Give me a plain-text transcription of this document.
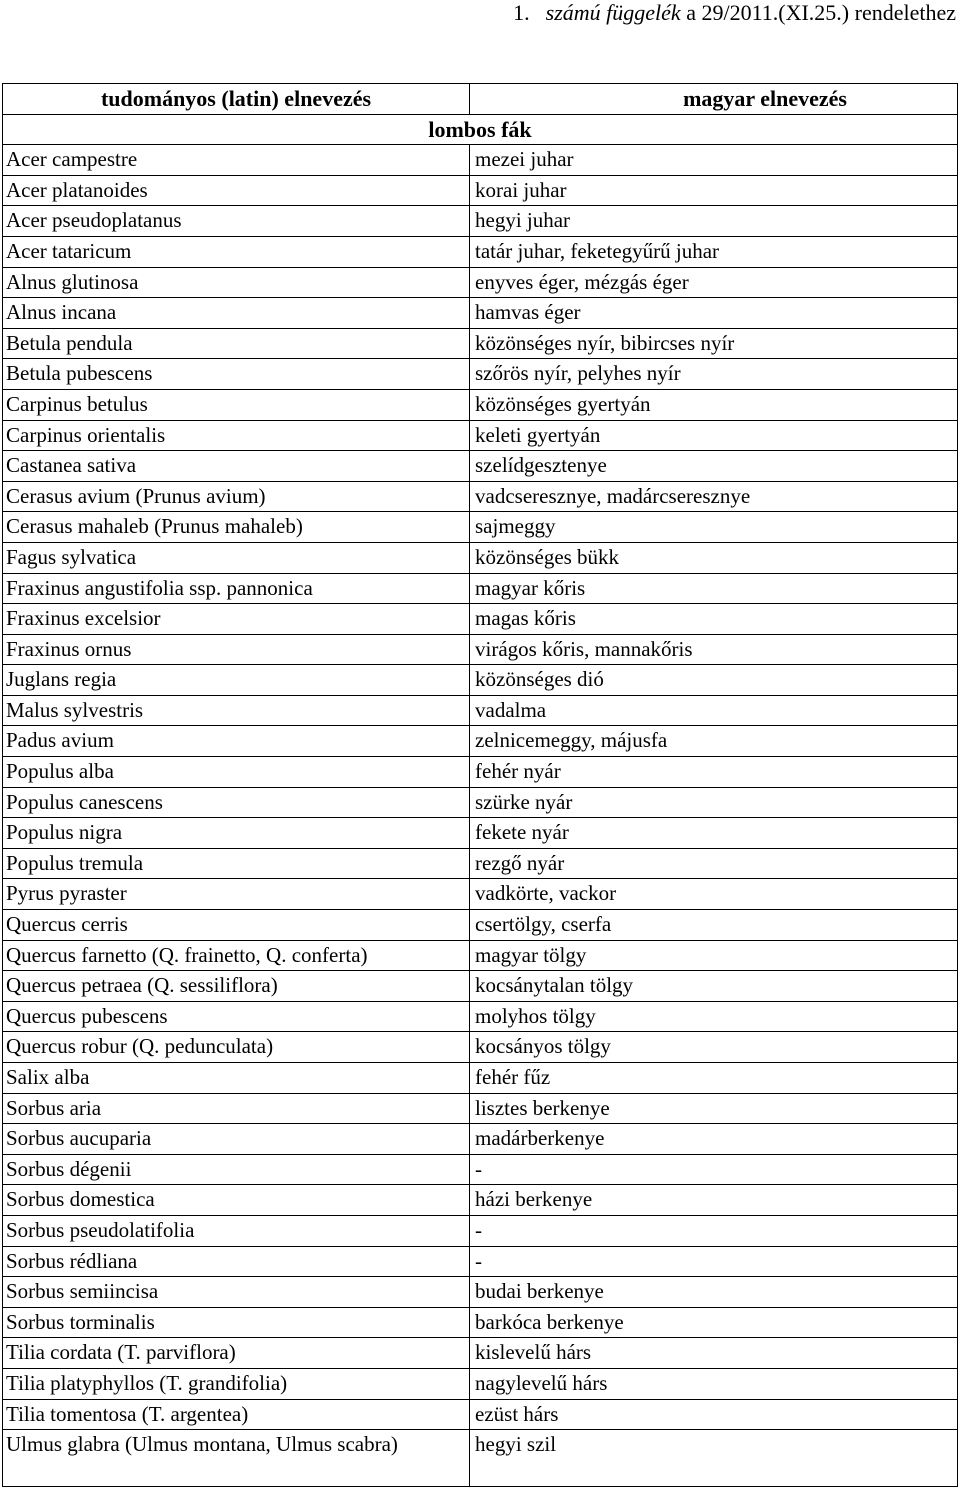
1. számú függelék a 29/2011.(XI.25.) rendelethez
tudományos (latin) elnevezés	magyar elnevezés
lombos fák	
Acer campestre	mezei juhar
Acer platanoides	korai juhar
Acer pseudoplatanus	hegyi juhar
Acer tataricum	tatár juhar, feketegyűrű juhar
Alnus glutinosa	enyves éger, mézgás éger
Alnus incana	hamvas éger
Betula pendula	közönséges nyír, bibircses nyír
Betula pubescens	szőrös nyír, pelyhes nyír
Carpinus betulus	közönséges gyertyán
Carpinus orientalis	keleti gyertyán
Castanea sativa	szelídgesztenye
Cerasus avium (Prunus avium)	vadcseresznye, madárcseresznye
Cerasus mahaleb (Prunus mahaleb)	sajmeggy
Fagus sylvatica	közönséges bükk
Fraxinus angustifolia ssp. pannonica	magyar kőris
Fraxinus excelsior	magas kőris
Fraxinus ornus	virágos kőris, mannakőris
Juglans regia	közönséges dió
Malus sylvestris	vadalma
Padus avium	zelnicemeggy, májusfa
Populus alba	fehér nyár
Populus canescens	szürke nyár
Populus nigra	fekete nyár
Populus tremula	rezgő nyár
Pyrus pyraster	vadkörte, vackor
Quercus cerris	csertölgy, cserfa
Quercus farnetto (Q. frainetto, Q. conferta)	magyar tölgy
Quercus petraea (Q. sessiliflora)	kocsánytalan tölgy
Quercus pubescens	molyhos tölgy
Quercus robur (Q. pedunculata)	kocsányos tölgy
Salix alba	fehér fűz
Sorbus aria	lisztes berkenye
Sorbus aucuparia	madárberkenye
Sorbus dégenii	-
Sorbus domestica	házi berkenye
Sorbus pseudolatifolia	-
Sorbus rédliana	-
Sorbus semiincisa	budai berkenye
Sorbus torminalis	barkóca berkenye
Tilia cordata (T. parviflora)	kislevelű hárs
Tilia platyphyllos (T. grandifolia)	nagylevelű hárs
Tilia tomentosa (T. argentea)	ezüst hárs
Ulmus glabra (Ulmus montana, Ulmus scabra)	hegyi szil
